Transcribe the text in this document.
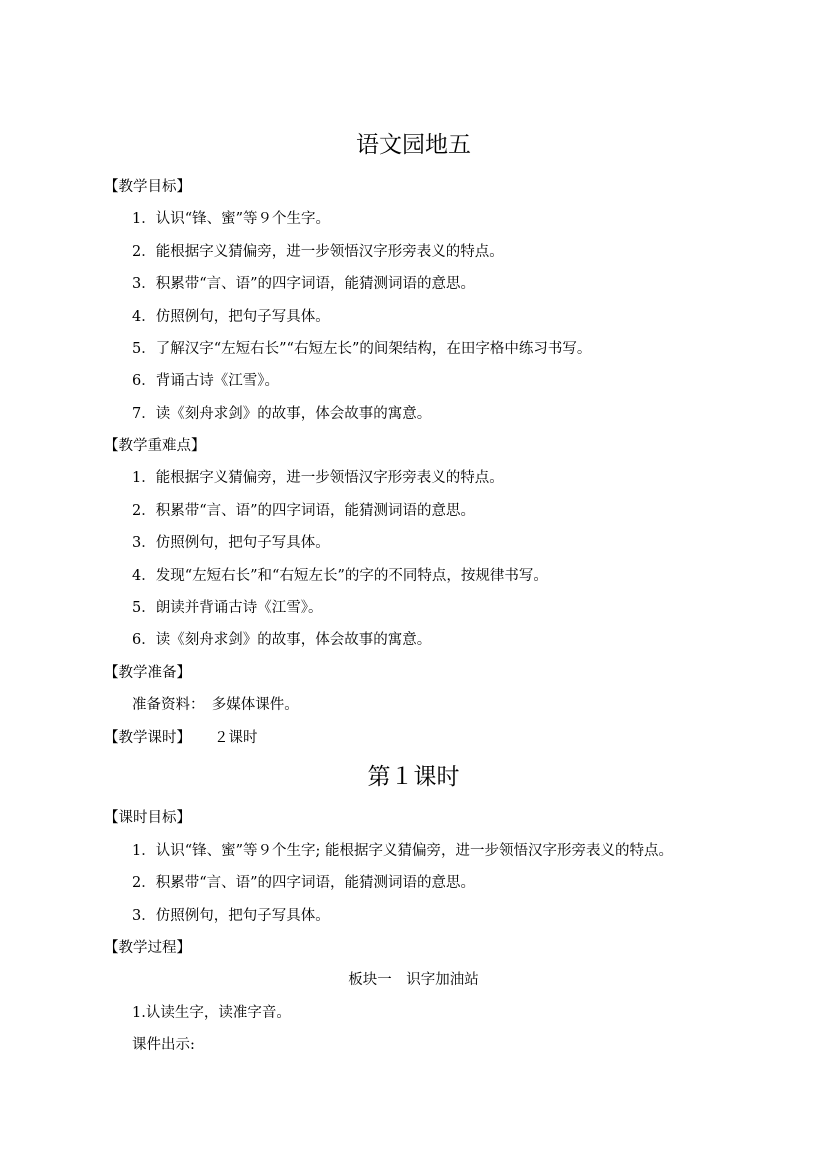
语文园地五
【教学目标】
1．认识“锋、蜜”等９个生字。
2．能根据字义猜偏旁，进一步领悟汉字形旁表义的特点。
3．积累带“言、语”的四字词语，能猜测词语的意思。
4．仿照例句，把句子写具体。
5．了解汉字“左短右长”“右短左长”的间架结构，在田字格中练习书写。
6．背诵古诗《江雪》。
7．读《刻舟求剑》的故事，体会故事的寓意。
【教学重难点】
1．能根据字义猜偏旁，进一步领悟汉字形旁表义的特点。
2．积累带“言、语”的四字词语，能猜测词语的意思。
3．仿照例句，把句子写具体。
4．发现“左短右长”和“右短左长”的字的不同特点，按规律书写。
5．朗读并背诵古诗《江雪》。
6．读《刻舟求剑》的故事，体会故事的寓意。
【教学准备】
准备资料：　多媒体课件。
【教学课时】 ２课时
第１课时
【课时目标】
1．认识“锋、蜜”等９个生字; 能根据字义猜偏旁，进一步领悟汉字形旁表义的特点。
2．积累带“言、语”的四字词语，能猜测词语的意思。
3．仿照例句，把句子写具体。
【教学过程】
板块一　识字加油站
1.认读生字，读准字音。
课件出示:
